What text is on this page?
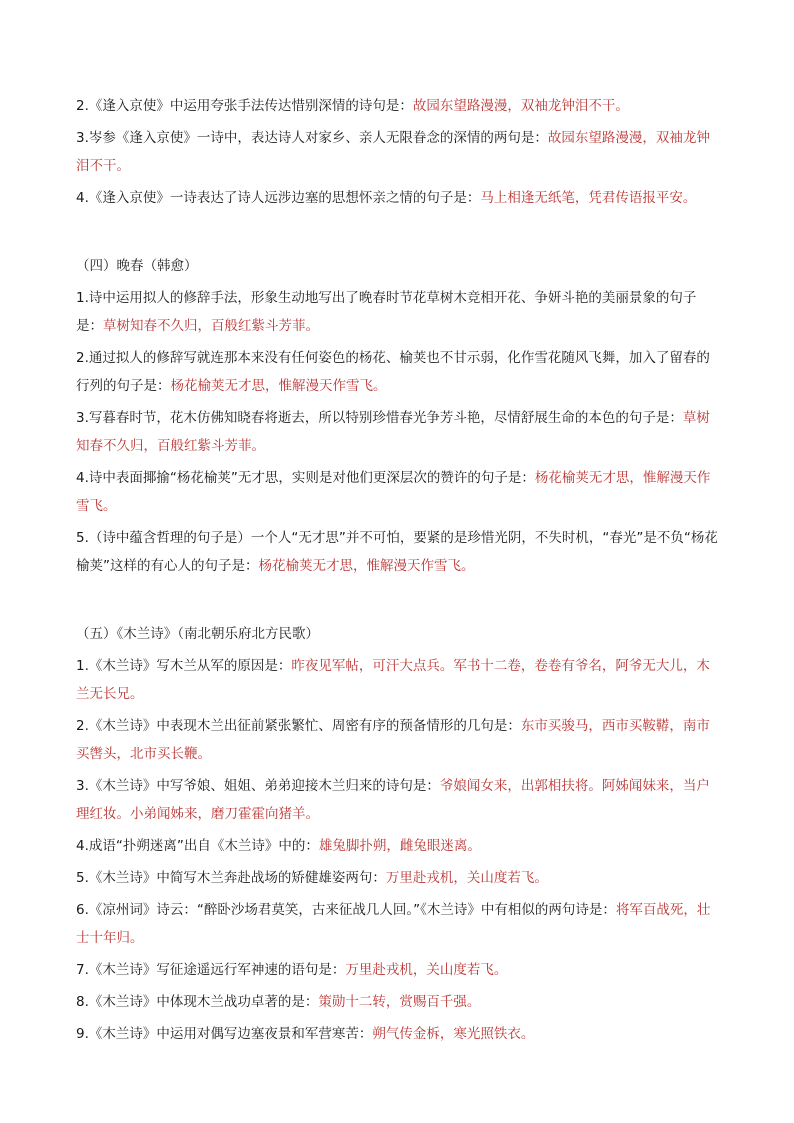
2.《逢入京使》中运用夸张手法传达惜别深情的诗句是：故园东望路漫漫，双袖龙钟泪不干。

3.岑参《逢入京使》一诗中，表达诗人对家乡、亲人无限眷念的深情的两句是：故园东望路漫漫，双袖龙钟泪不干。

4.《逢入京使》一诗表达了诗人远涉边塞的思想怀亲之情的句子是：马上相逢无纸笔，凭君传语报平安。

（四）晚春（韩愈）

1.诗中运用拟人的修辞手法，形象生动地写出了晚春时节花草树木竞相开花、争妍斗艳的美丽景象的句子是：草树知春不久归，百般红紫斗芳菲。

2.通过拟人的修辞写就连那本来没有任何姿色的杨花、榆荚也不甘示弱，化作雪花随风飞舞，加入了留春的行列的句子是：杨花榆荚无才思，惟解漫天作雪飞。

3.写暮春时节，花木仿佛知晓春将逝去，所以特别珍惜春光争芳斗艳，尽情舒展生命的本色的句子是：草树知春不久归，百般红紫斗芳菲。

4.诗中表面揶揄“杨花榆荚”无才思，实则是对他们更深层次的赞许的句子是：杨花榆荚无才思，惟解漫天作雪飞。

5.（诗中蕴含哲理的句子是）一个人“无才思”并不可怕，要紧的是珍惜光阴，不失时机，“春光”是不负“杨花榆荚”这样的有心人的句子是：杨花榆荚无才思，惟解漫天作雪飞。

（五）《木兰诗》（南北朝乐府北方民歌）

1.《木兰诗》写木兰从军的原因是：昨夜见军帖，可汗大点兵。军书十二卷，卷卷有爷名，阿爷无大儿，木兰无长兄。

2.《木兰诗》中表现木兰出征前紧张繁忙、周密有序的预备情形的几句是：东市买骏马，西市买鞍鞯，南市买辔头，北市买长鞭。

3.《木兰诗》中写爷娘、姐姐、弟弟迎接木兰归来的诗句是：爷娘闻女来，出郭相扶将。阿姊闻妹来，当户理红妆。小弟闻姊来，磨刀霍霍向猪羊。

4.成语“扑朔迷离”出自《木兰诗》中的：雄兔脚扑朔，雌兔眼迷离。

5.《木兰诗》中简写木兰奔赴战场的矫健雄姿两句：万里赴戎机，关山度若飞。

6.《凉州词》诗云：“醉卧沙场君莫笑，古来征战几人回。”《木兰诗》中有相似的两句诗是：将军百战死，壮士十年归。

7.《木兰诗》写征途遥远行军神速的语句是：万里赴戎机，关山度若飞。

8.《木兰诗》中体现木兰战功卓著的是：策勋十二转，赏赐百千强。

9.《木兰诗》中运用对偶写边塞夜景和军营寒苦：朔气传金柝，寒光照铁衣。
